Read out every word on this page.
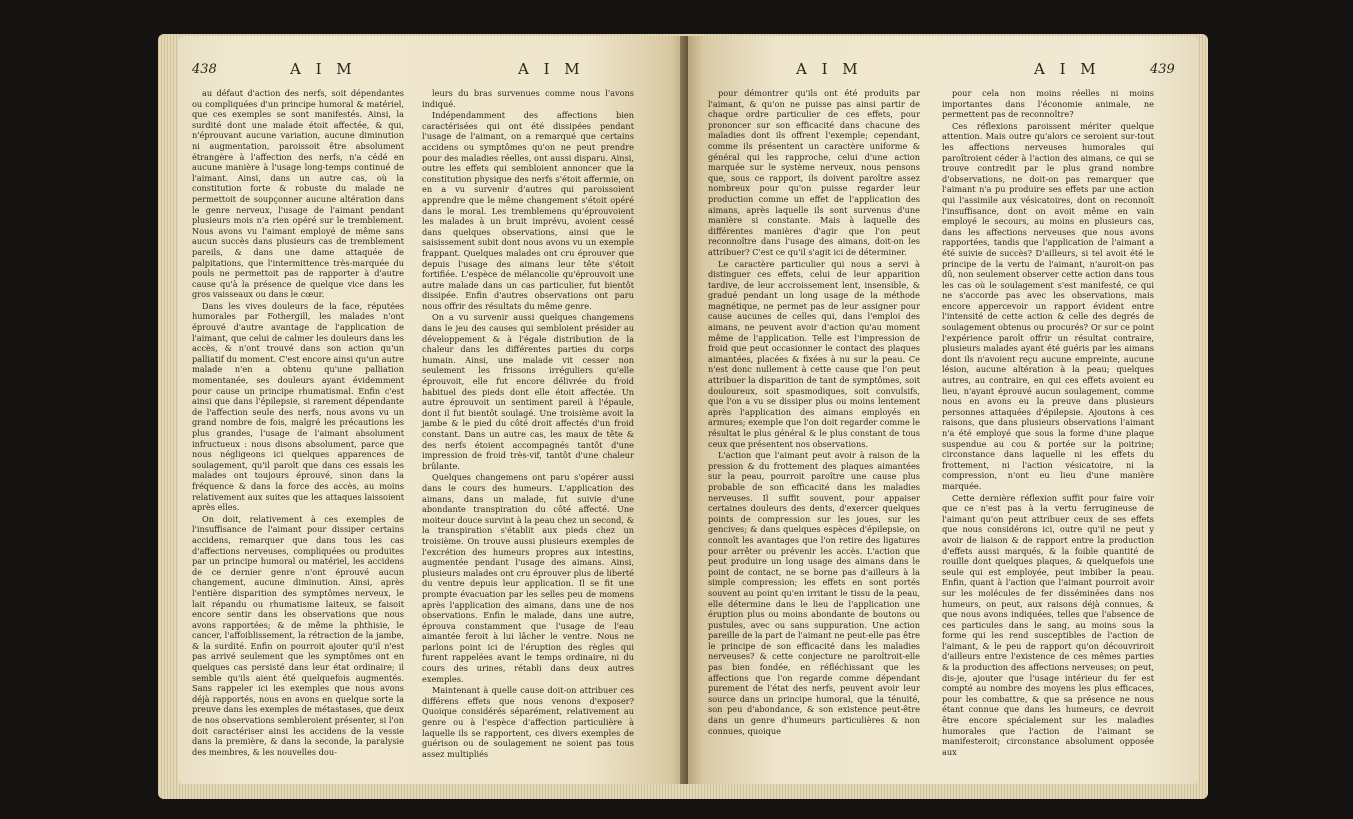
438	A I M	A I M

au défaut d'action des nerfs, soit dépendantes ou compliquées d'un principe humoral & matériel, que ces exemples se sont manifestés. Ainsi, la surdité dont une malade étoit affectée, & qui, n'éprouvant aucune variation, aucune diminution ni augmentation, paroissoit être absolument étrangère à l'affection des nerfs, n'a cédé en aucune manière à l'usage long-temps continué de l'aimant. Ainsi, dans un autre cas, où la constitution forte & robuste du malade ne permettoit de soupçonner aucune altération dans le genre nerveux, l'usage de l'aimant pendant plusieurs mois n'a rien opéré sur le tremblement. Nous avons vu l'aimant employé de même sans aucun succès dans plusieurs cas de tremblement pareils, & dans une dame attaquée de palpitations, que l'intermittence très-marquée du pouls ne permettoit pas de rapporter à d'autre cause qu'à la présence de quelque vice dans les gros vaisseaux ou dans le cœur.

Dans les vives douleurs de la face, réputées humorales par Fothergill, les malades n'ont éprouvé d'autre avantage de l'application de l'aimant, que celui de calmer les douleurs dans les accès, & n'ont trouvé dans son action qu'un palliatif du moment. C'est encore ainsi qu'un autre malade n'en a obtenu qu'une palliation momentanée, ses douleurs ayant évidemment pour cause un principe rhumatismal. Enfin c'est ainsi que dans l'épilepsie, si rarement dépendante de l'affection seule des nerfs, nous avons vu un grand nombre de fois, malgré les précautions les plus grandes, l'usage de l'aimant absolument infructueux : nous disons absolument, parce que nous négligeons ici quelques apparences de soulagement, qu'il paroît que dans ces essais les malades ont toujours éprouvé, sinon dans la fréquence & dans la force des accès, au moins relativement aux suites que les attaques laissoient après elles.

On doit, relativement à ces exemples de l'insuffisance de l'aimant pour dissiper certains accidens, remarquer que dans tous les cas d'affections nerveuses, compliquées ou produites par un principe humoral ou matériel, les accidens de ce dernier genre n'ont éprouvé aucun changement, aucune diminution. Ainsi, après l'entière disparition des symptômes nerveux, le lait répandu ou rhumatisme laiteux, se faisoit encore sentir dans les observations que nous avons rapportées; & de même la phthisie, le cancer, l'affoiblissement, la rétraction de la jambe, & la surdité. Enfin on pourroit ajouter qu'il n'est pas arrivé seulement que les symptômes ont en quelques cas persisté dans leur état ordinaire; il semble qu'ils aient été quelquefois augmentés. Sans rappeler ici les exemples que nous avons déjà rapportés, nous en avons en quelque sorte la preuve dans les exemples de métastases, que deux de nos observations sembleroient présenter, si l'on doit caractériser ainsi les accidens de la vessie dans la première, & dans la seconde, la paralysie des membres, & les nouvelles dou-

leurs du bras survenues comme nous l'avons indiqué.

Indépendamment des affections bien caractérisées qui ont été dissipées pendant l'usage de l'aimant, on a remarqué que certains accidens ou symptômes qu'on ne peut prendre pour des maladies réelles, ont aussi disparu. Ainsi, outre les effets qui sembloient annoncer que la constitution physique des nerfs s'étoit affermie, on en a vu survenir d'autres qui paroissoient apprendre que le même changement s'étoit opéré dans le moral. Les tremblemens qu'éprouvoient les malades à un bruit imprévu, avoient cessé dans quelques observations, ainsi que le saisissement subit dont nous avons vu un exemple frappant. Quelques malades ont cru éprouver que depuis l'usage des aimans leur tête s'étoit fortifiée. L'espèce de mélancolie qu'éprouvoit une autre malade dans un cas particulier, fut bientôt dissipée. Enfin d'autres observations ont paru nous offrir des résultats du même genre.

On a vu survenir aussi quelques changemens dans le jeu des causes qui sembloient présider au développement & à l'égale distribution de la chaleur dans les différentes parties du corps humain. Ainsi, une malade vit cesser non seulement les frissons irréguliers qu'elle éprouvoit, elle fut encore délivrée du froid habituel des pieds dont elle étoit affectée. Un autre éprouvoit un sentiment pareil à l'épaule, dont il fut bientôt soulagé. Une troisième avoit la jambe & le pied du côté droit affectés d'un froid constant. Dans un autre cas, les maux de tête & des nerfs étoient accompagnés tantôt d'une impression de froid très-vif, tantôt d'une chaleur brûlante.

Quelques changemens ont paru s'opérer aussi dans le cours des humeurs. L'application des aimans, dans un malade, fut suivie d'une abondante transpiration du côté affecté. Une moiteur douce survint à la peau chez un second, & la transpiration s'établit aux pieds chez un troisième. On trouve aussi plusieurs exemples de l'excrétion des humeurs propres aux intestins, augmentée pendant l'usage des aimans. Ainsi, plusieurs malades ont cru éprouver plus de liberté du ventre depuis leur application. Il se fit une prompte évacuation par les selles peu de momens après l'application des aimans, dans une de nos observations. Enfin le malade, dans une autre, éprouva constamment que l'usage de l'eau aimantée feroit à lui lâcher le ventre. Nous ne parlons point ici de l'éruption des règles qui furent rappelées avant le temps ordinaire, ni du cours des urines, rétabli dans deux autres exemples.

Maintenant à quelle cause doit-on attribuer ces différens effets que nous venons d'exposer? Quoique considérés séparément, relativement au genre ou à l'espèce d'affection particulière à laquelle ils se rapportent, ces divers exemples de guérison ou de soulagement ne soient pas tous assez multipliés

A I M	A I M	439

pour démontrer qu'ils ont été produits par l'aimant, & qu'on ne puisse pas ainsi partir de chaque ordre particulier de ces effets, pour prononcer sur son efficacité dans chacune des maladies dont ils offrent l'exemple; cependant, comme ils présentent un caractère uniforme & général qui les rapproche, celui d'une action marquée sur le système nerveux, nous pensons que, sous ce rapport, ils doivent paroître assez nombreux pour qu'on puisse regarder leur production comme un effet de l'application des aimans, après laquelle ils sont survenus d'une manière si constante. Mais à laquelle des différentes manières d'agir que l'on peut reconnoître dans l'usage des aimans, doit-on les attribuer? C'est ce qu'il s'agit ici de déterminer.

Le caractère particulier qui nous a servi à distinguer ces effets, celui de leur apparition tardive, de leur accroissement lent, insensible, & gradué pendant un long usage de la méthode magnétique, ne permet pas de leur assigner pour cause aucunes de celles qui, dans l'emploi des aimans, ne peuvent avoir d'action qu'au moment même de l'application. Telle est l'impression de froid que peut occasionner le contact des plaques aimantées, placées & fixées à nu sur la peau. Ce n'est donc nullement à cette cause que l'on peut attribuer la disparition de tant de symptômes, soit douloureux, soit spasmodiques, soit convulsifs, que l'on a vu se dissiper plus ou moins lentement après l'application des aimans employés en armures; exemple que l'on doit regarder comme le résultat le plus général & le plus constant de tous ceux que présentent nos observations.

L'action que l'aimant peut avoir à raison de la pression & du frottement des plaques aimantées sur la peau, pourroit paroître une cause plus probable de son efficacité dans les maladies nerveuses. Il suffit souvent, pour appaiser certaines douleurs des dents, d'exercer quelques points de compression sur les joues, sur les gencives; & dans quelques espèces d'épilepsie, on connoît les avantages que l'on retire des ligatures pour arrêter ou prévenir les accès. L'action que peut produire un long usage des aimans dans le point de contact, ne se borne pas d'ailleurs à la simple compression; les effets en sont portés souvent au point qu'en irritant le tissu de la peau, elle détermine dans le lieu de l'application une éruption plus ou moins abondante de boutons ou pustules, avec ou sans suppuration. Une action pareille de la part de l'aimant ne peut-elle pas être le principe de son efficacité dans les maladies nerveuses? & cette conjecture ne paroîtroit-elle pas bien fondée, en réfléchissant que les affections que l'on regarde comme dépendant purement de l'état des nerfs, peuvent avoir leur source dans un principe humoral, que la ténuité, son peu d'abondance, & son existence peut-être dans un genre d'humeurs particulières & non connues, quoique

pour cela non moins réelles ni moins importantes dans l'économie animale, ne permettent pas de reconnoître?

Ces réflexions paroissent mériter quelque attention. Mais outre qu'alors ce seroient sur-tout les affections nerveuses humorales qui paroîtroient céder à l'action des aimans, ce qui se trouve contredit par le plus grand nombre d'observations, ne doit-on pas remarquer que l'aimant n'a pu produire ses effets par une action qui l'assimile aux vésicatoires, dont on reconnoît l'insuffisance, dont on avoit même en vain employé le secours, au moins en plusieurs cas, dans les affections nerveuses que nous avons rapportées, tandis que l'application de l'aimant a été suivie de succès? D'ailleurs, si tel avoit été le principe de la vertu de l'aimant, n'auroit-on pas dû, non seulement observer cette action dans tous les cas où le soulagement s'est manifesté, ce qui ne s'accorde pas avec les observations, mais encore appercevoir un rapport évident entre l'intensité de cette action & celle des degrés de soulagement obtenus ou procurés? Or sur ce point l'expérience paroît offrir un résultat contraire, plusieurs malades ayant été guéris par les aimans dont ils n'avoient reçu aucune empreinte, aucune lésion, aucune altération à la peau; quelques autres, au contraire, en qui ces effets avoient eu lieu, n'ayant éprouvé aucun soulagement, comme nous en avons eu la preuve dans plusieurs personnes attaquées d'épilepsie. Ajoutons à ces raisons, que dans plusieurs observations l'aimant n'a été employé que sous la forme d'une plaque suspendue au cou & portée sur la poitrine; circonstance dans laquelle ni les effets du frottement, ni l'action vésicatoire, ni la compression, n'ont eu lieu d'une manière marquée.

Cette dernière réflexion suffit pour faire voir que ce n'est pas à la vertu ferrugineuse de l'aimant qu'on peut attribuer ceux de ses effets que nous considérons ici, outre qu'il ne peut y avoir de liaison & de rapport entre la production d'effets aussi marqués, & la foible quantité de rouille dont quelques plaques, & quelquefois une seule qui est employée, peut imbiber la peau. Enfin, quant à l'action que l'aimant pourroit avoir sur les molécules de fer disséminées dans nos humeurs, on peut, aux raisons déjà connues, & que nous avons indiquées, telles que l'absence de ces particules dans le sang, au moins sous la forme qui les rend susceptibles de l'action de l'aimant, & le peu de rapport qu'on découvriroit d'ailleurs entre l'existence de ces mêmes parties & la production des affections nerveuses; on peut, dis-je, ajouter que l'usage intérieur du fer est compté au nombre des moyens les plus efficaces, pour les combattre, & que sa présence ne nous étant connue que dans les humeurs, ce devroit être encore spécialement sur les maladies humorales que l'action de l'aimant se manifesteroit; circonstance absolument opposée aux
